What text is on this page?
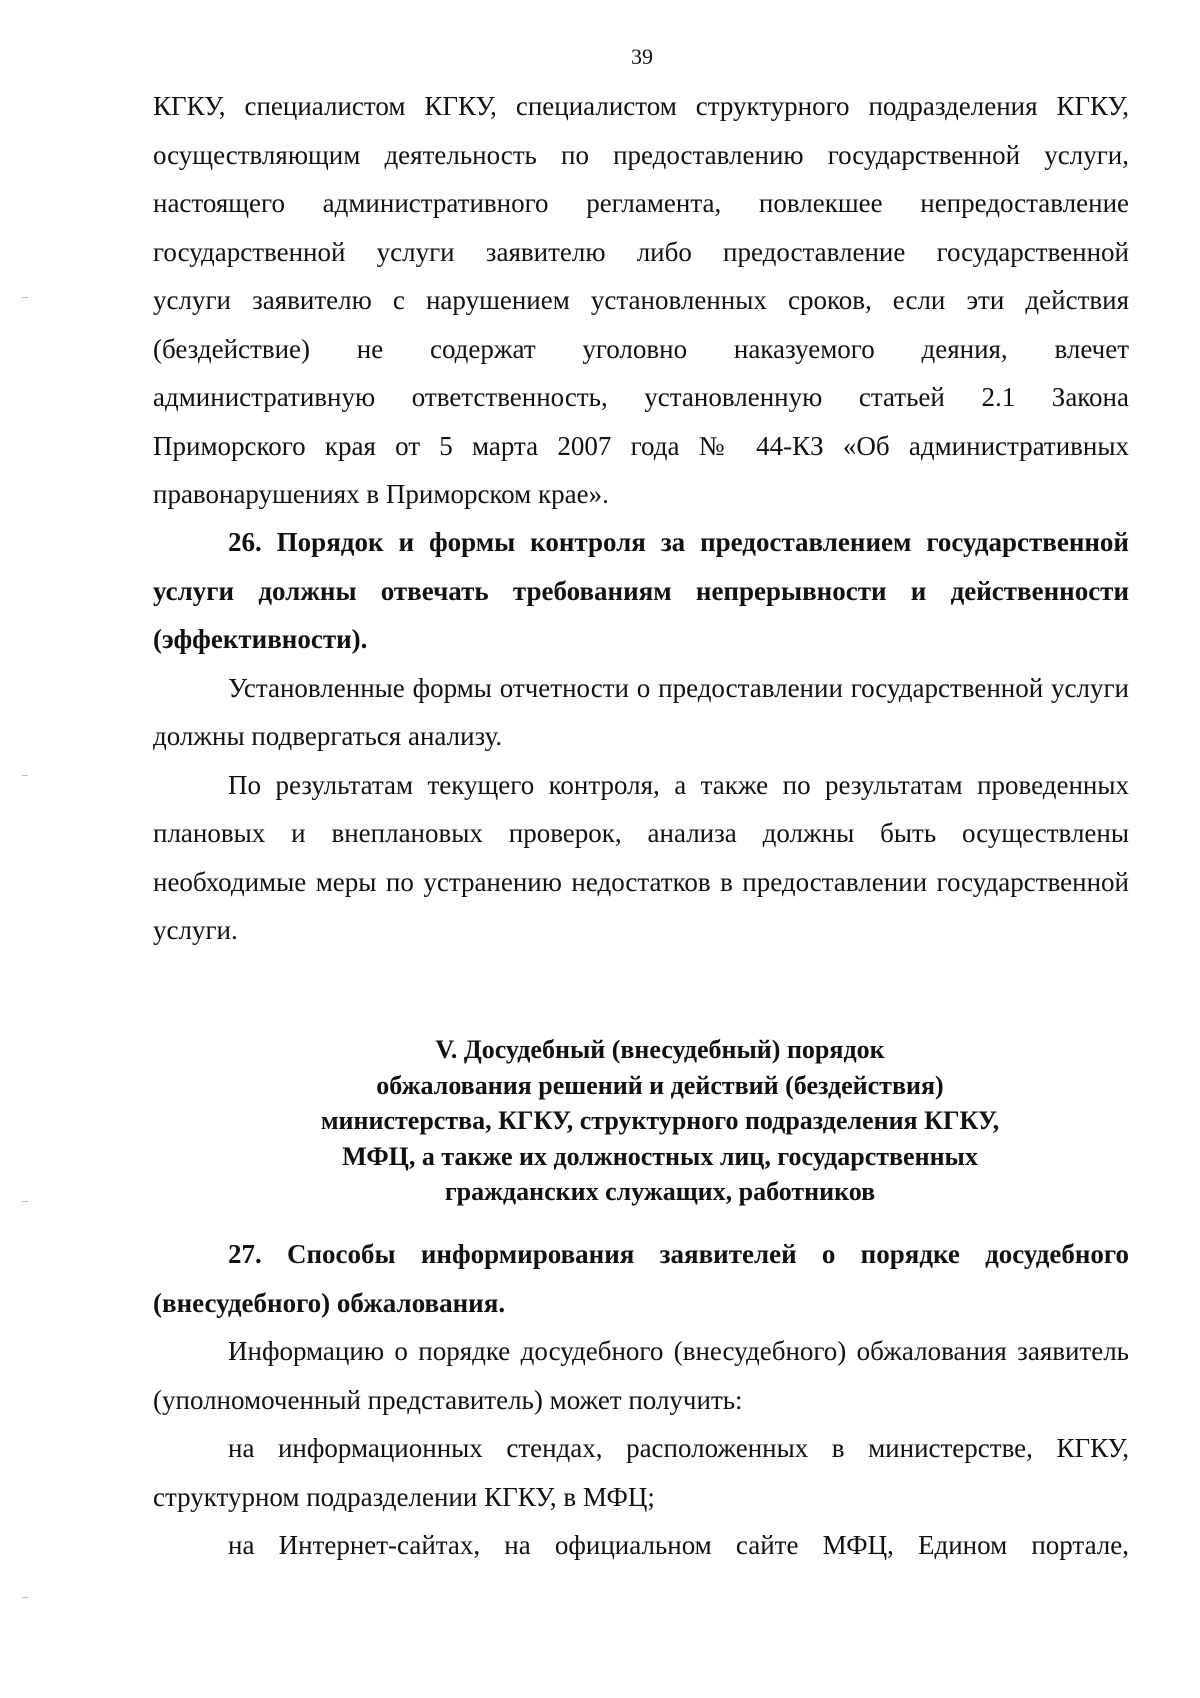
39

КГКУ, специалистом КГКУ, специалистом структурного подразделения КГКУ,

осуществляющим деятельность по предоставлению государственной услуги,

настоящего административного регламента, повлекшее непредоставление

государственной услуги заявителю либо предоставление государственной

услуги заявителю с нарушением установленных сроков, если эти действия

(бездействие) не содержат уголовно наказуемого деяния, влечет

административную ответственность, установленную статьей 2.1 Закона

Приморского края от 5 марта 2007 года № 44-КЗ «Об административных

правонарушениях в Приморском крае».

26. Порядок и формы контроля за предоставлением государственной услуги должны отвечать требованиям непрерывности и действенности (эффективности).

Установленные формы отчетности о предоставлении государственной услуги должны подвергаться анализу.

По результатам текущего контроля, а также по результатам проведенных плановых и внеплановых проверок, анализа должны быть осуществлены необходимые меры по устранению недостатков в предоставлении государственной услуги.

V. Досудебный (внесудебный) порядок
обжалования решений и действий (бездействия)
министерства, КГКУ, структурного подразделения КГКУ,
МФЦ, а также их должностных лиц, государственных
гражданских служащих, работников

27. Способы информирования заявителей о порядке досудебного (внесудебного) обжалования.

Информацию о порядке досудебного (внесудебного) обжалования заявитель (уполномоченный представитель) может получить:

на информационных стендах, расположенных в министерстве, КГКУ, структурном подразделении КГКУ, в МФЦ;

на Интернет-сайтах, на официальном сайте МФЦ, Едином портале,
